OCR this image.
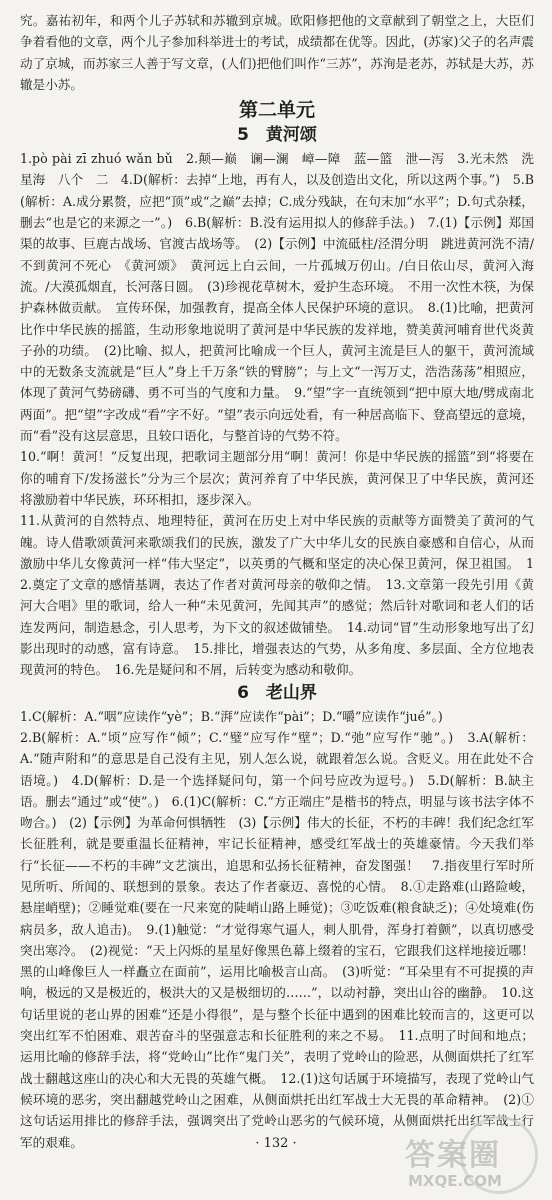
究。嘉祐初年，和两个儿子苏轼和苏辙到京城。欧阳修把他的文章献到了朝堂之上，大臣们争着看他的文章，两个儿子参加科举进士的考试，成绩都在优等。因此，(苏家)父子的名声震动了京城，而苏家三人善于写文章，(人们)把他们叫作“三苏”，苏洵是老苏，苏轼是大苏，苏辙是小苏。

第二单元
5　黄河颂

1.pò pài zī zhuó wǎn bǔ　2.颠—巅　谰—澜　嶂—障　蓝—篮　泄—泻　3.光未然　洗星海　八个　二　4.D(解析：去掉“上地，再有人，以及创造出文化，所以这两个事。”)　5.B(解析：A.成分累赘，应把“顶”或“之巅”去掉；C.成分残缺，在句末加“水平”；D.句式杂糅，删去“也是它的来源之一”。)　6.B(解析：B.没有运用拟人的修辞手法。)　7.(1)【示例】郑国渠的故事、巨鹿古战场、官渡古战场等。　(2)【示例】中流砥柱/泾渭分明　跳进黄河洗不清/不到黄河不死心　《黄河颂》　黄河远上白云间，一片孤城万仞山。/白日依山尽，黄河入海流。/大漠孤烟直，长河落日圆。　(3)珍视花草树木，爱护生态环境。　不用一次性木筷，为保护森林做贡献。　宣传环保，加强教育，提高全体人民保护环境的意识。　8.(1)比喻，把黄河比作中华民族的摇篮，生动形象地说明了黄河是中华民族的发祥地，赞美黄河哺育世代炎黄子孙的功绩。　(2)比喻、拟人，把黄河比喻成一个巨人，黄河主流是巨人的躯干，黄河流域中的无数条支流就是“巨人”身上千万条“铁的臂膀”；与上文“一泻万丈，浩浩荡荡”相照应，体现了黄河气势磅礴、勇不可当的气度和力量。　9.“望”字一直统领到“把中原大地/劈成南北两面”。把“望”字改成“看”字不好。“望”表示向远处看，有一种居高临下、登高望远的意境，而“看”没有这层意思，且较口语化，与整首诗的气势不符。

10.“啊！黄河！”反复出现，把歌词主题部分用“啊！黄河！你是中华民族的摇篮”到“将要在你的哺育下/发扬滋长”分为三个层次；黄河养育了中华民族，黄河保卫了中华民族，黄河还将激励着中华民族，环环相扣，逐步深入。

11.从黄河的自然特点、地理特征，黄河在历史上对中华民族的贡献等方面赞美了黄河的气魄。诗人借歌颂黄河来歌颂我们的民族，激发了广大中华儿女的民族自豪感和自信心，从而激励中华儿女像黄河一样“伟大坚定”，以英勇的气概和坚定的决心保卫黄河，保卫祖国。　12.奠定了文章的感情基调，表达了作者对黄河母亲的敬仰之情。　13.文章第一段先引用《黄河大合唱》里的歌词，给人一种“未见黄河，先闻其声”的感觉；然后针对歌词和老人们的话连发两问，制造悬念，引人思考，为下文的叙述做铺垫。　14.动词“冒”生动形象地写出了幻影出现时的动感，富有诗意。　15.排比，增强表达的气势，从多角度、多层面、全方位地表现黄河的特色。　16.先是疑问和不屑，后转变为感动和敬仰。

6　老山界

1.C(解析：A.“咽”应读作“yè”；B.“湃”应读作“pài”；D.“嚼”应读作“jué”。)

2.B(解析：A.“顷”应写作“倾”；C.“璧”应写作“壁”；D.“弛”应写作“驰”。)　3.A(解析：A.“随声附和”的意思是自己没有主见，别人怎么说，就跟着怎么说。含贬义。用在此处不合语境。)　4.D(解析：D.是一个选择疑问句，第一个问号应改为逗号。)　5.D(解析：B.缺主语。删去“通过”或“使”。)　6.(1)C(解析：C.“方正端庄”是楷书的特点，明显与该书法字体不吻合。)　(2)【示例】为革命何惧牺牲　(3)【示例】伟大的长征，不朽的丰碑！我们纪念红军长征胜利，就是要重温长征精神，牢记长征精神，感受红军战士的英雄豪情。今天我们举行“长征——不朽的丰碑”文艺演出，追思和弘扬长征精神，奋发图强！　7.指夜里行军时所见所听、所闻的、联想到的景象。表达了作者豪迈、喜悦的心情。　8.①走路难(山路险峻，悬崖峭壁)；②睡觉难(要在一尺来宽的陡峭山路上睡觉)；③吃饭难(粮食缺乏)；④处境难(伤病员多，敌人追击)。　9.(1)触觉：“才觉得寒气逼人，刺人肌骨，浑身打着颤”，以真切感受突出寒冷。　(2)视觉：“天上闪烁的星星好像黑色幕上缀着的宝石，它跟我们这样地接近哪！黑的山峰像巨人一样矗立在面前”，运用比喻极言山高。　(3)听觉：“耳朵里有不可捉摸的声响，极远的又是极近的，极洪大的又是极细切的……”，以动衬静，突出山谷的幽静。　10.这句话里说的老山界的困难“还是小得很”，是与整个长征中遇到的困难比较而言的，这更可以突出红军不怕困难、艰苦奋斗的坚强意志和长征胜利的来之不易。　11.点明了时间和地点；运用比喻的修辞手法，将“党岭山”比作“鬼门关”，表明了党岭山的险恶，从侧面烘托了红军战士翻越这座山的决心和大无畏的英雄气概。　12.(1)这句话属于环境描写，表现了党岭山气候环境的恶劣，突出翻越党岭山之困难，从侧面烘托出红军战士大无畏的革命精神。　(2)①这句话运用排比的修辞手法，强调突出了党岭山恶劣的气候环境，从侧面烘托出红军战士行军的艰难。	· 132 ·	答案圈
MXQE.COM
